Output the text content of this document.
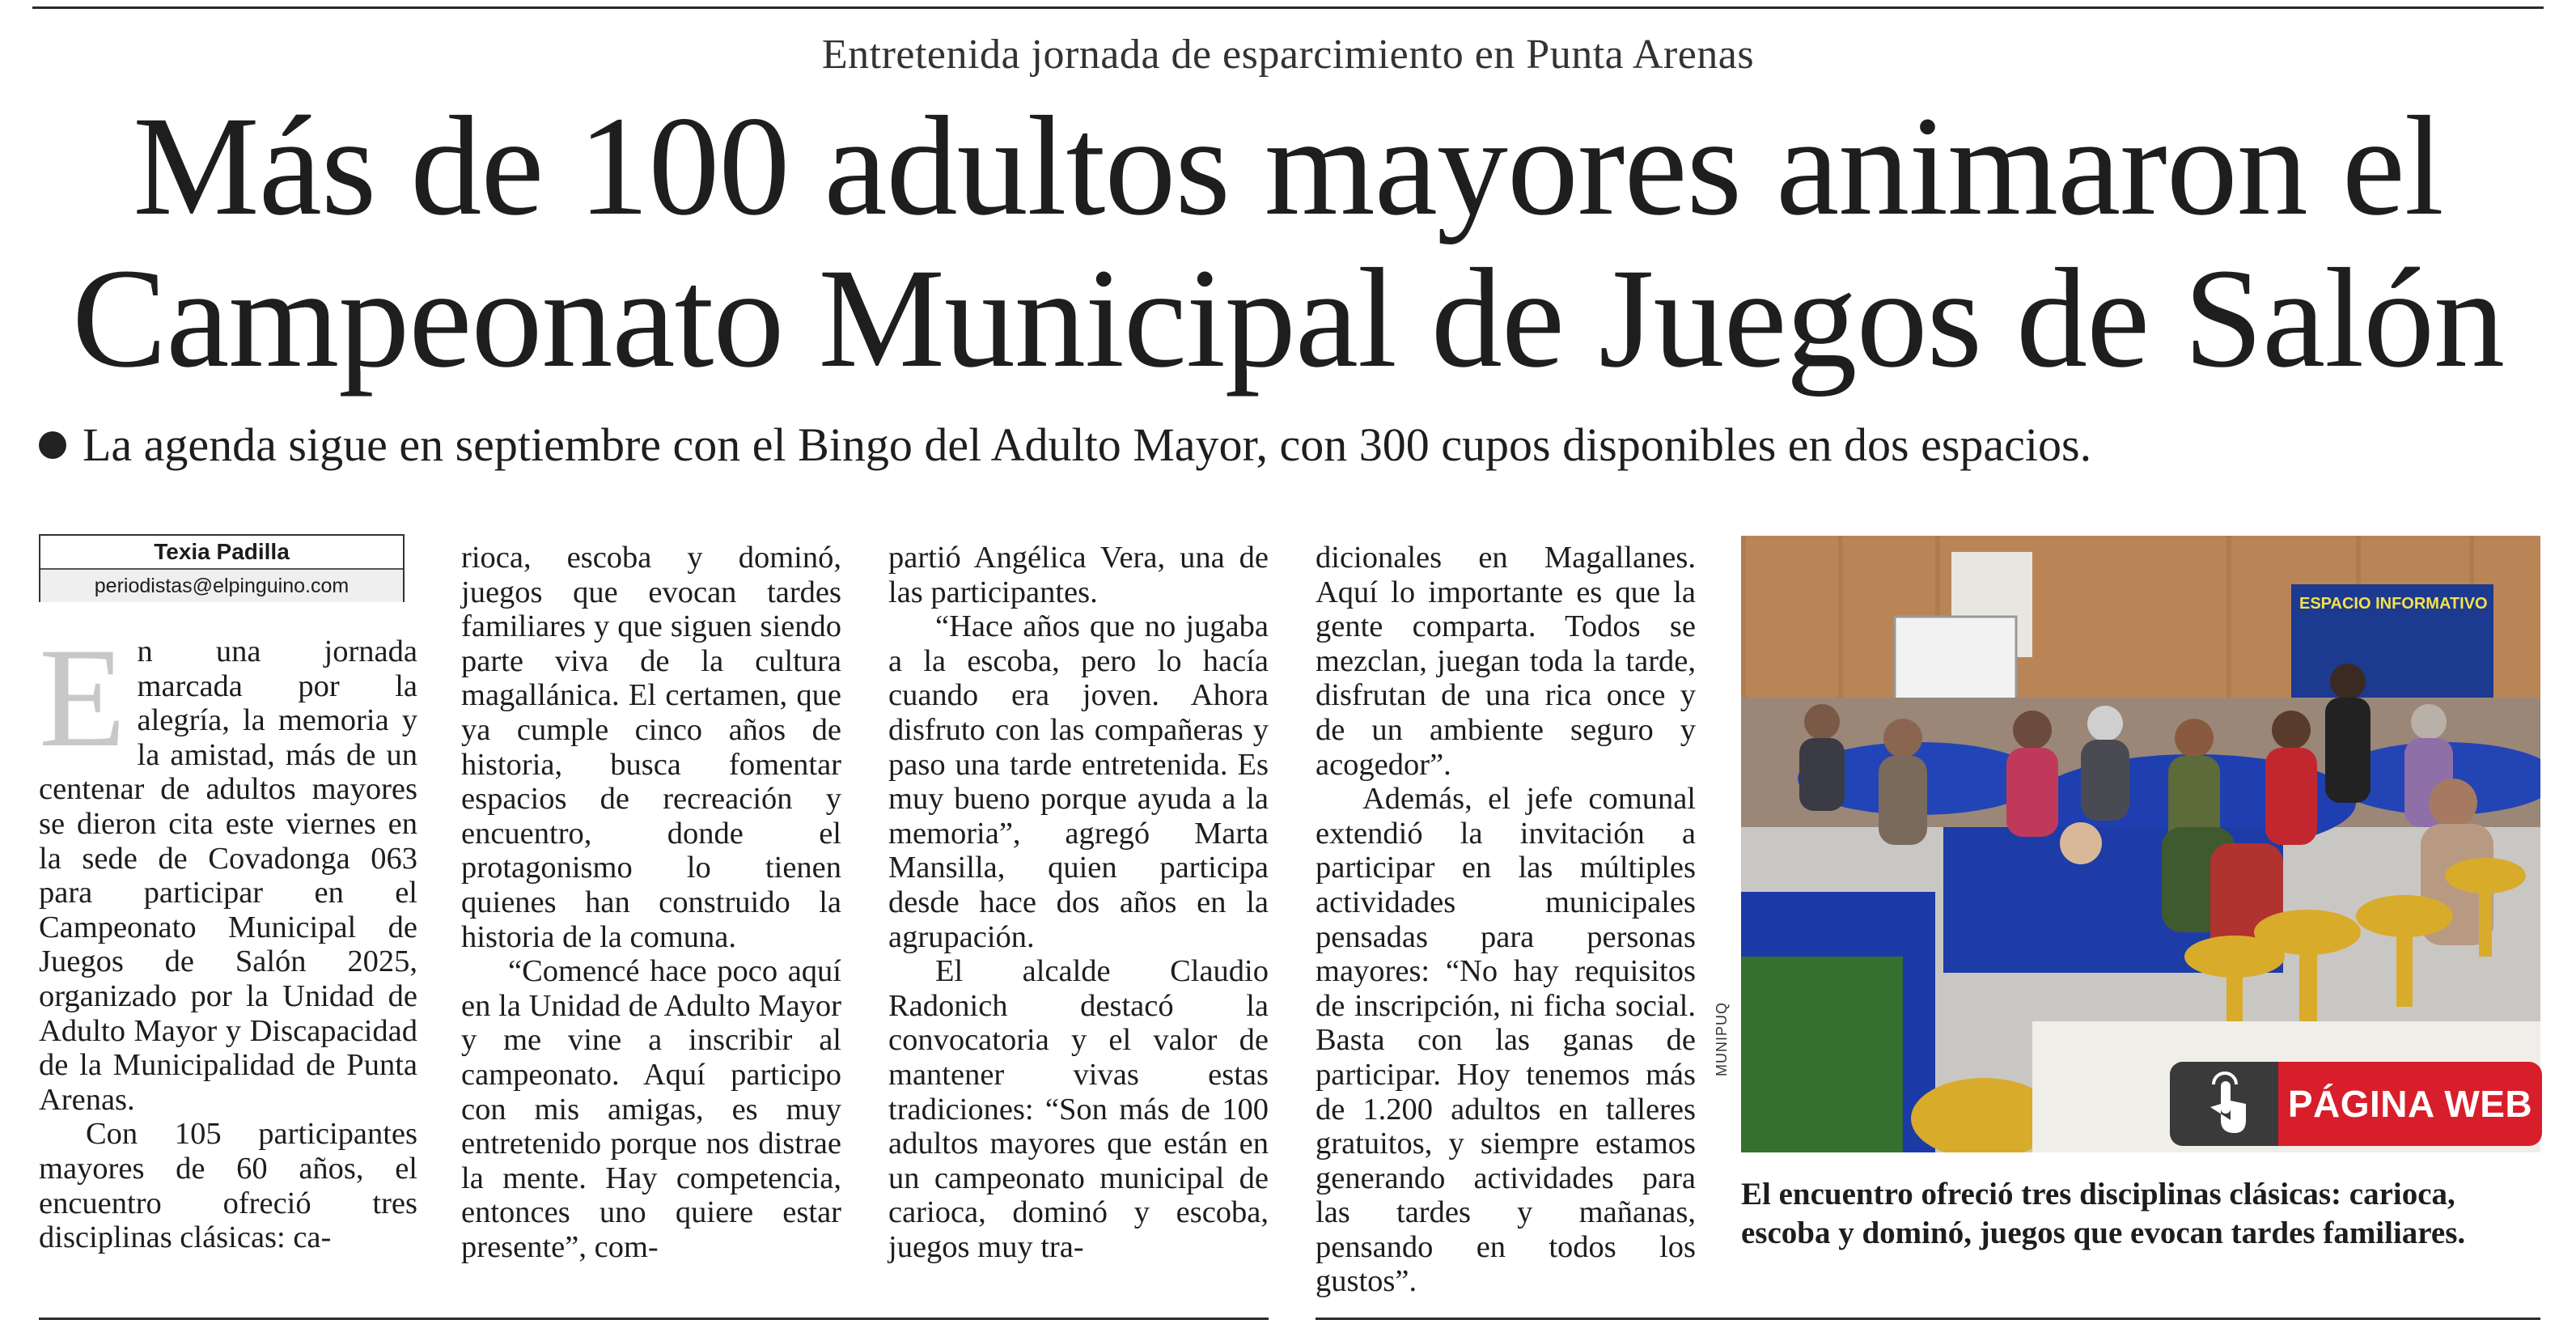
Entretenida jornada de esparcimiento en Punta Arenas
Más de 100 adultos mayores animaron el
Campeonato Municipal de Juegos de Salón
La agenda sigue en septiembre con el Bingo del Adulto Mayor, con 300 cupos disponibles en dos espacios.
Texia Padilla
periodistas@elpinguino.com

En una jornada marcada por la alegría, la memoria y la amistad, más de un centenar de adultos mayores se dieron cita este viernes en la sede de Covadonga 063 para participar en el Campeonato Municipal de Juegos de Salón 2025, organizado por la Unidad de Adulto Mayor y Discapacidad de la Municipalidad de Punta Arenas.

Con 105 participantes mayores de 60 años, el encuentro ofreció tres disciplinas clásicas: ca-

rioca, escoba y dominó, juegos que evocan tardes familiares y que siguen siendo parte viva de la cultura magallánica. El certamen, que ya cumple cinco años de historia, busca fomentar espacios de recreación y encuentro, donde el protagonismo lo tienen quienes han construido la historia de la comuna.

“Comencé hace poco aquí en la Unidad de Adulto Mayor y me vine a inscribir al campeonato. Aquí participo con mis amigas, es muy entretenido porque nos distrae la mente. Hay competencia, entonces uno quiere estar presente”, com-

partió Angélica Vera, una de las participantes.

“Hace años que no jugaba a la escoba, pero lo hacía cuando era joven. Ahora disfruto con las compañeras y paso una tarde entretenida. Es muy bueno porque ayuda a la memoria”, agregó Marta Mansilla, quien participa desde hace dos años en la agrupación.

El alcalde Claudio Radonich destacó la convocatoria y el valor de mantener vivas estas tradiciones: “Son más de 100 adultos mayores que están en un campeonato municipal de carioca, dominó y escoba, juegos muy tra-

dicionales en Magallanes. Aquí lo importante es que la gente comparta. Todos se mezclan, juegan toda la tarde, disfrutan de una rica once y de un ambiente seguro y acogedor”.

Además, el jefe comunal extendió la invitación a participar en las múltiples actividades municipales pensadas para personas mayores: “No hay requisitos de inscripción, ni ficha social. Basta con las ganas de participar. Hoy tenemos más de 1.200 adultos en talleres gratuitos, y siempre estamos generando actividades para las tardes y mañanas, pensando en todos los gustos”.

ESPACIO INFORMATIVO
MUNIPUQ
PÁGINA WEB
El encuentro ofreció tres disciplinas clásicas: carioca, escoba y dominó, juegos que evocan tardes familiares.
